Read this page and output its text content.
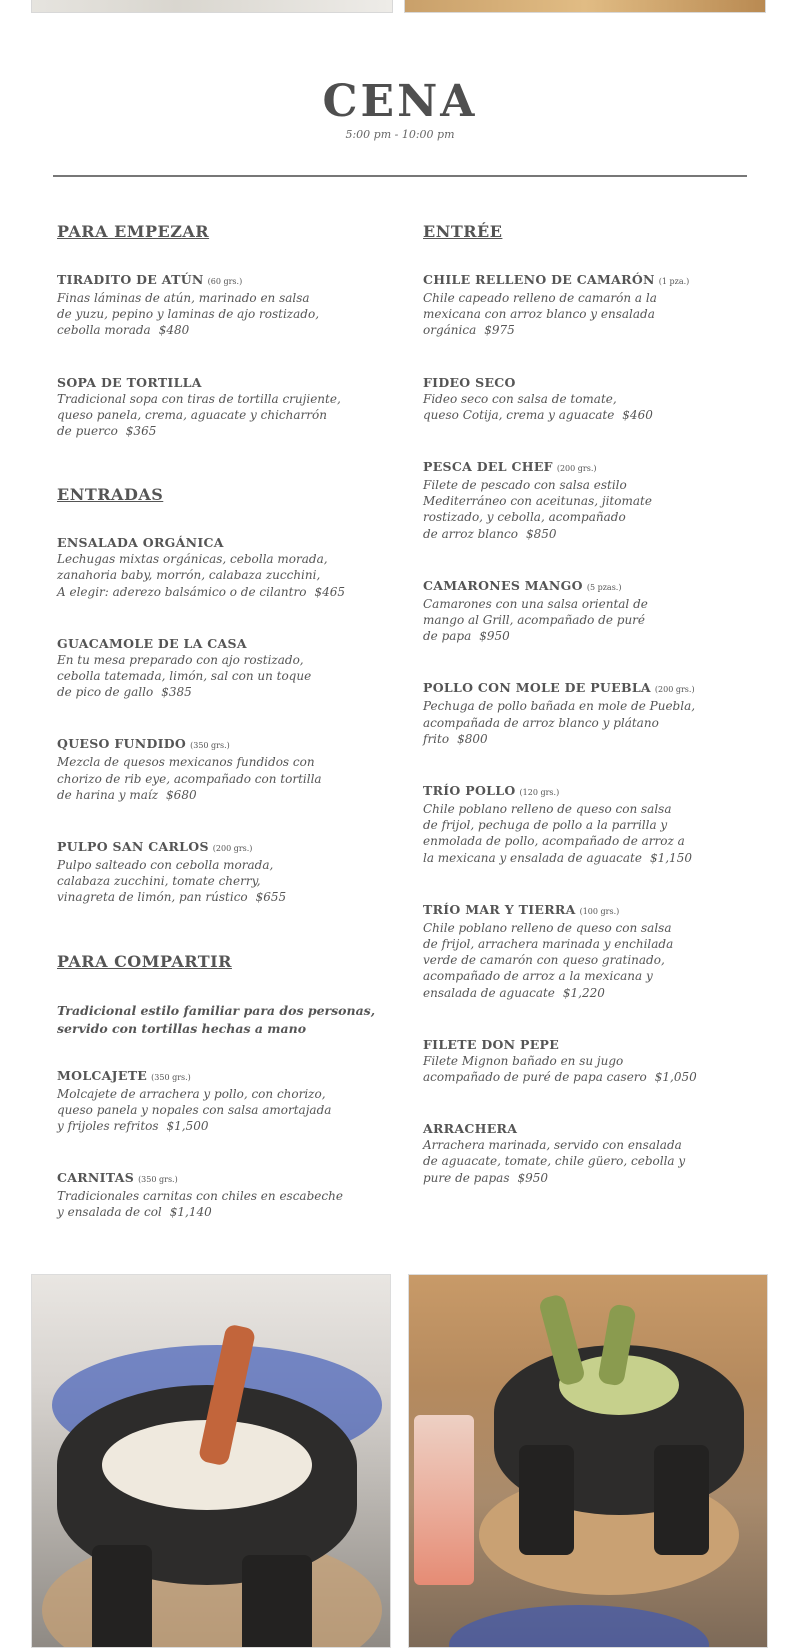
CENA
5:00 pm - 10:00 pm
PARA EMPEZAR
TIRADITO DE ATÚN (60 grs.)
Finas láminas de atún, marinado en salsa
de yuzu, pepino y laminas de ajo rostizado,
cebolla morada $480
SOPA DE TORTILLA
Tradicional sopa con tiras de tortilla crujiente,
queso panela, crema, aguacate y chicharrón
de puerco $365
ENTRADAS
ENSALADA ORGÁNICA
Lechugas mixtas orgánicas, cebolla morada,
zanahoria baby, morrón, calabaza zucchini,
A elegir: aderezo balsámico o de cilantro $465
GUACAMOLE DE LA CASA
En tu mesa preparado con ajo rostizado,
cebolla tatemada, limón, sal con un toque
de pico de gallo $385
QUESO FUNDIDO (350 grs.)
Mezcla de quesos mexicanos fundidos con
chorizo de rib eye, acompañado con tortilla
de harina y maíz $680
PULPO SAN CARLOS (200 grs.)
Pulpo salteado con cebolla morada,
calabaza zucchini, tomate cherry,
vinagreta de limón, pan rústico $655
PARA COMPARTIR
Tradicional estilo familiar para dos personas,
servido con tortillas hechas a mano
MOLCAJETE (350 grs.)
Molcajete de arrachera y pollo, con chorizo,
queso panela y nopales con salsa amortajada
y frijoles refritos $1,500
CARNITAS (350 grs.)
Tradicionales carnitas con chiles en escabeche
y ensalada de col $1,140
ENTRÉE
CHILE RELLENO DE CAMARÓN (1 pza.)
Chile capeado relleno de camarón a la
mexicana con arroz blanco y ensalada
orgánica $975
FIDEO SECO
Fideo seco con salsa de tomate,
queso Cotija, crema y aguacate $460
PESCA DEL CHEF (200 grs.)
Filete de pescado con salsa estilo
Mediterráneo con aceitunas, jitomate
rostizado, y cebolla, acompañado
de arroz blanco $850
CAMARONES MANGO (5 pzas.)
Camarones con una salsa oriental de
mango al Grill, acompañado de puré
de papa $950
POLLO CON MOLE DE PUEBLA (200 grs.)
Pechuga de pollo bañada en mole de Puebla,
acompañada de arroz blanco y plátano
frito $800
TRÍO POLLO (120 grs.)
Chile poblano relleno de queso con salsa
de frijol, pechuga de pollo a la parrilla y
enmolada de pollo, acompañado de arroz a
la mexicana y ensalada de aguacate $1,150
TRÍO MAR Y TIERRA (100 grs.)
Chile poblano relleno de queso con salsa
de frijol, arrachera marinada y enchilada
verde de camarón con queso gratinado,
acompañado de arroz a la mexicana y
ensalada de aguacate $1,220
FILETE DON PEPE
Filete Mignon bañado en su jugo
acompañado de puré de papa casero $1,050
ARRACHERA
Arrachera marinada, servido con ensalada
de aguacate, tomate, chile güero, cebolla y
pure de papas $950
